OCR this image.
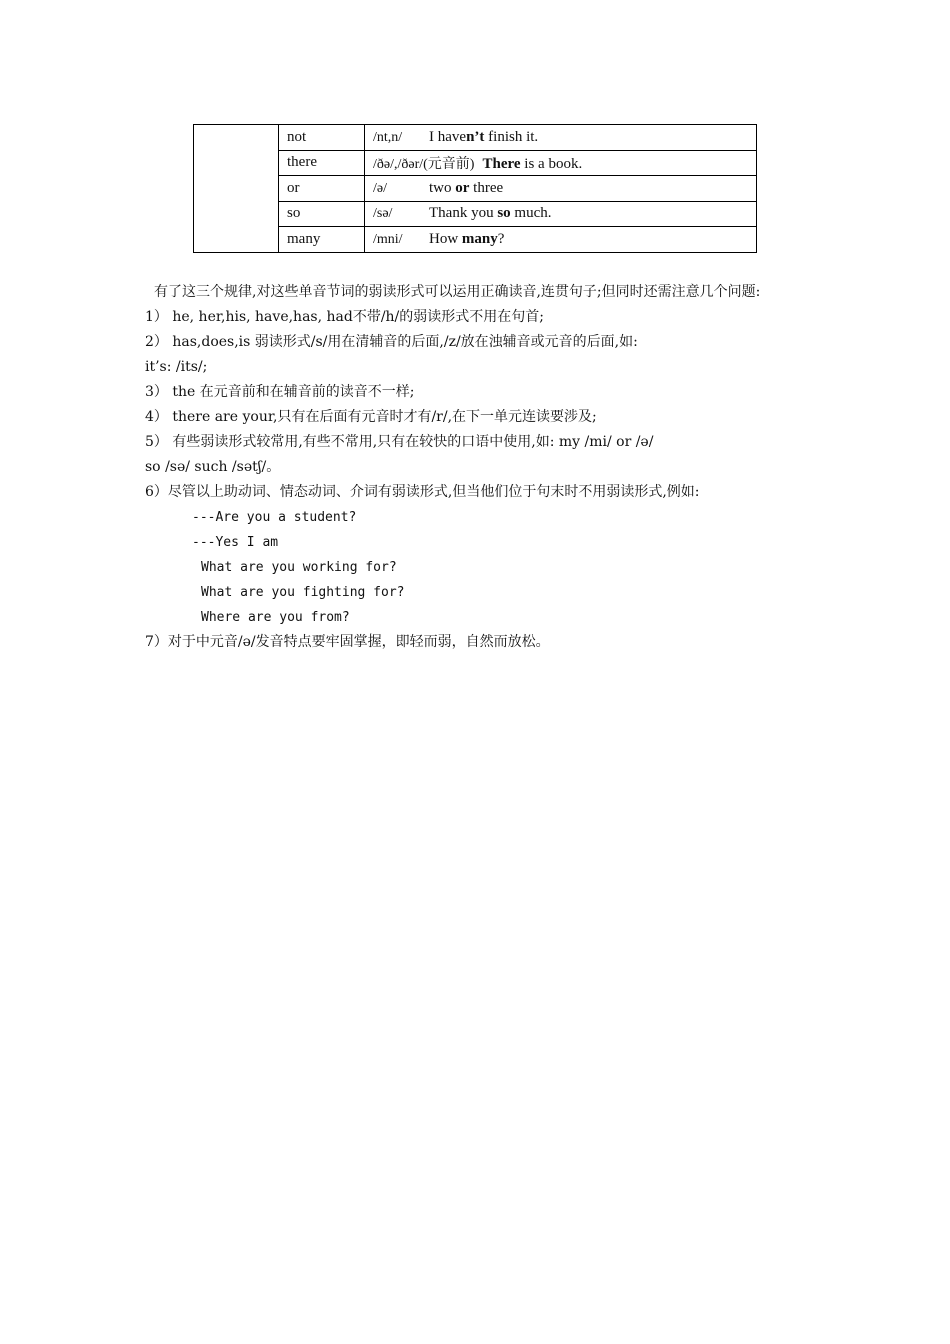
	not	/nt,n/ I haven’t finish it.
	there	/ðə/,/ðər/(元音前) There is a book.
	or	/ə/ two or three
	so	/sə/ Thank you so much.
	many	/mni/ How many?
有了这三个规律,对这些单音节词的弱读形式可以运用正确读音,连贯句子;但同时还需注意几个问题:
1） he, her,his, have,has, had不带/h/的弱读形式不用在句首;
2） has,does,is 弱读形式/s/用在清辅音的后面,/z/放在浊辅音或元音的后面,如:
it’s: /its/;
3） the 在元音前和在辅音前的读音不一样;
4） there are your,只有在后面有元音时才有/r/,在下一单元连读要涉及;
5） 有些弱读形式较常用,有些不常用,只有在较快的口语中使用,如: my /mi/ or /ə/
so /sə/ such /sətʃ/。
6）尽管以上助动词、情态动词、介词有弱读形式,但当他们位于句末时不用弱读形式,例如:
---Are you a student?
---Yes I am
What are you working for?
What are you fighting for?
Where are you from?
7）对于中元音/ə/发音特点要牢固掌握，即轻而弱，自然而放松。
